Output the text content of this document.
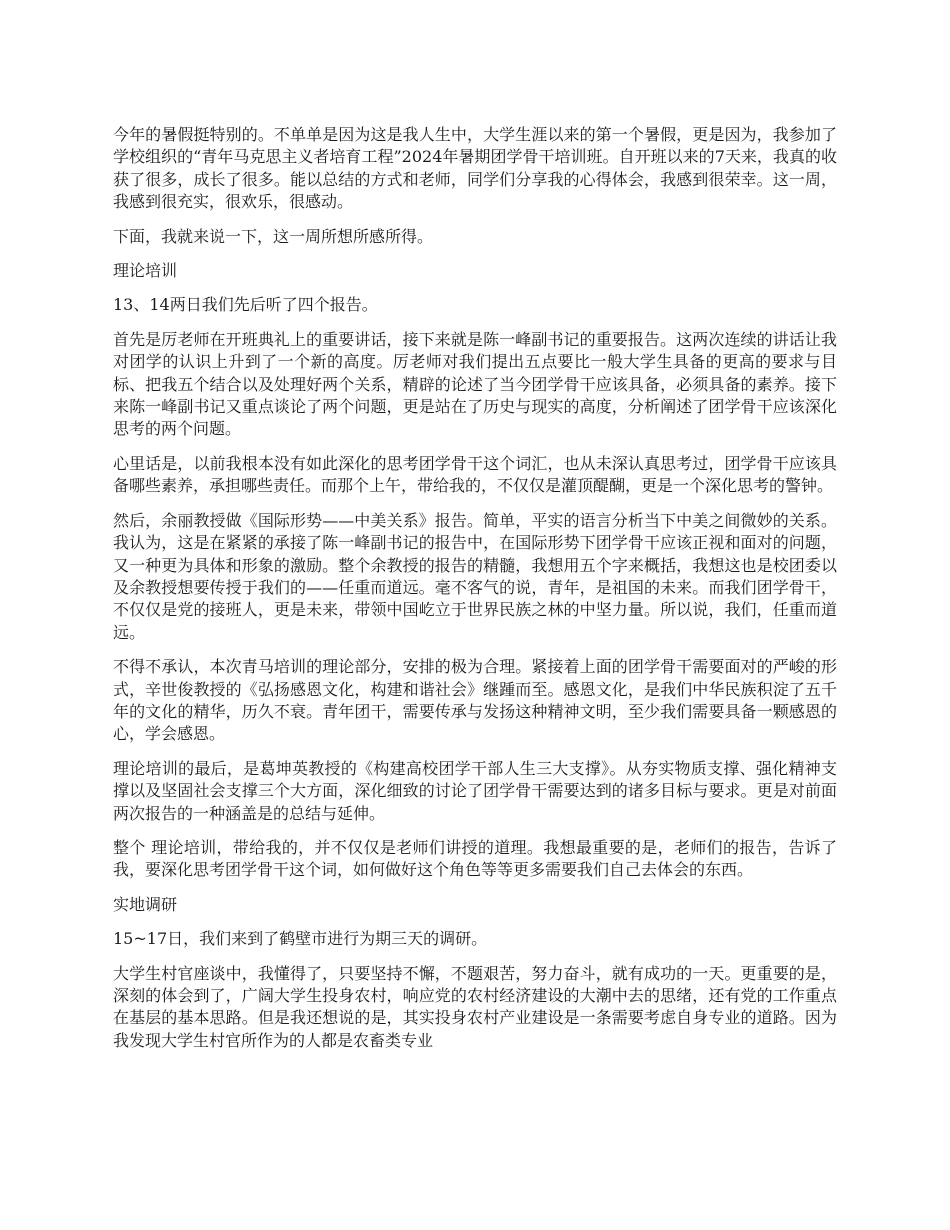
今年的暑假挺特别的。不单单是因为这是我人生中，大学生涯以来的第一个暑假，更是因为，我参加了学校组织的“青年马克思主义者培育工程”2024年暑期团学骨干培训班。自开班以来的7天来，我真的收获了很多，成长了很多。能以总结的方式和老师，同学们分享我的心得体会，我感到很荣幸。这一周，我感到很充实，很欢乐，很感动。

下面，我就来说一下，这一周所想所感所得。

理论培训

13、14两日我们先后听了四个报告。

首先是厉老师在开班典礼上的重要讲话，接下来就是陈一峰副书记的重要报告。这两次连续的讲话让我对团学的认识上升到了一个新的高度。厉老师对我们提出五点要比一般大学生具备的更高的要求与目标、把我五个结合以及处理好两个关系，精辟的论述了当今团学骨干应该具备，必须具备的素养。接下来陈一峰副书记又重点谈论了两个问题，更是站在了历史与现实的高度，分析阐述了团学骨干应该深化思考的两个问题。

心里话是，以前我根本没有如此深化的思考团学骨干这个词汇，也从未深认真思考过，团学骨干应该具备哪些素养，承担哪些责任。而那个上午，带给我的，不仅仅是灌顶醍醐，更是一个深化思考的警钟。

然后，余丽教授做《国际形势——中美关系》报告。简单，平实的语言分析当下中美之间微妙的关系。我认为，这是在紧紧的承接了陈一峰副书记的报告中，在国际形势下团学骨干应该正视和面对的问题，又一种更为具体和形象的激励。整个余教授的报告的精髓，我想用五个字来概括，我想这也是校团委以及余教授想要传授于我们的——任重而道远。毫不客气的说，青年，是祖国的未来。而我们团学骨干，不仅仅是党的接班人，更是未来，带领中国屹立于世界民族之林的中坚力量。所以说，我们，任重而道远。

不得不承认，本次青马培训的理论部分，安排的极为合理。紧接着上面的团学骨干需要面对的严峻的形式，辛世俊教授的《弘扬感恩文化，构建和谐社会》继踵而至。感恩文化，是我们中华民族积淀了五千年的文化的精华，历久不衰。青年团干，需要传承与发扬这种精神文明，至少我们需要具备一颗感恩的心，学会感恩。

理论培训的最后，是葛坤英教授的《构建高校团学干部人生三大支撑》。从夯实物质支撑、强化精神支撑以及坚固社会支撑三个大方面，深化细致的讨论了团学骨干需要达到的诸多目标与要求。更是对前面两次报告的一种涵盖是的总结与延伸。

整个 理论培训，带给我的，并不仅仅是老师们讲授的道理。我想最重要的是，老师们的报告，告诉了我，要深化思考团学骨干这个词，如何做好这个角色等等更多需要我们自己去体会的东西。

实地调研

15~17日，我们来到了鹤壁市进行为期三天的调研。

大学生村官座谈中，我懂得了，只要坚持不懈，不题艰苦，努力奋斗，就有成功的一天。更重要的是，深刻的体会到了，广阔大学生投身农村，响应党的农村经济建设的大潮中去的思绪，还有党的工作重点在基层的基本思路。但是我还想说的是，其实投身农村产业建设是一条需要考虑自身专业的道路。因为我发现大学生村官所作为的人都是农畜类专业
